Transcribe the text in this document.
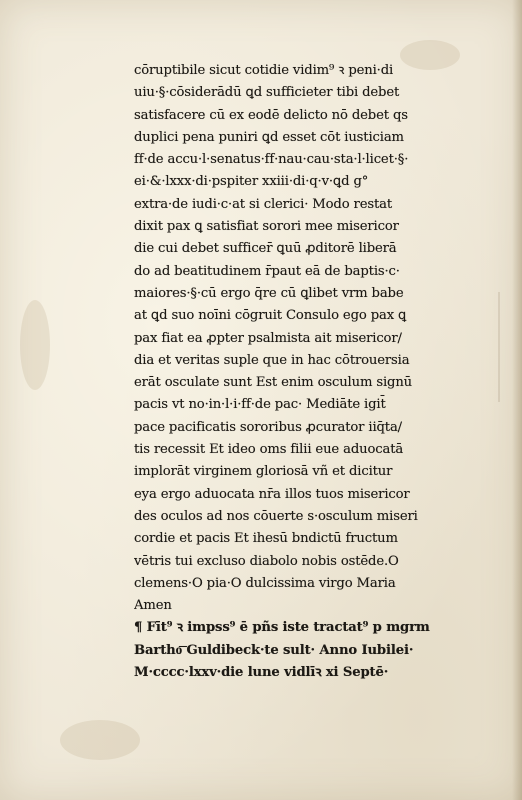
cōruptibile sicut cotidie vidim⁹ ꝛ peni·di
uiu·§·cōsiderādū ꝗd sufficieter tibi debet
satisfacere cū ex eodē delicto nō debet qs
duplici pena puniri ꝗd esset cōt iusticiam
ff·de accu·l·senatus·ff·nau·cau·sta·l·licet·§·
ei·&·lxxx·di·pspiter xxiii·di·q·v·ꝗd g°
extra·de iudi·c·at si clerici· Modo restat
dixit pax ꝗ satisfiat sorori mee misericor
die cui debet sufficer̄ ꝗuū ꝓditorē liberā
do ad beatitudinem r̄paut eā de baptis·c·
maiores·§·cū ergo q̄re cū ꝗlibet vrm babe
at ꝗd suo noīni cōgruit Consulo ego pax ꝗ
pax fiat ea ꝓpter psalmista ait misericor/
dia et veritas suple que in hac cōtrouersia
erāt osculate sunt Est enim osculum signū
pacis vt no·in·l·i·ff·de pac· Mediāte igit̄
pace pacificatis sororibus ꝓcurator iiq̄ta/
tis recessit Et ideo oms filii eue aduocatā
implorāt virginem gloriosā vñ et dicitur
eya ergo aduocata nr̄a illos tuos misericor
des oculos ad nos cōuerte s·osculum miseri
cordie et pacis Et ihesū bndictū fructum
vētris tui excluso diabolo nobis ostēde.O
clemens·O pia·O dulcissima virgo Maria
Amen
¶ Fīt⁹ ꝛ impss⁹ ē pñs iste tractat⁹ p mgrm
Bartho͞ Guldibeck·te sult· Anno Iubilei·
M·cccc·lxxv·die lune vidlīꝛ xi Septē·
